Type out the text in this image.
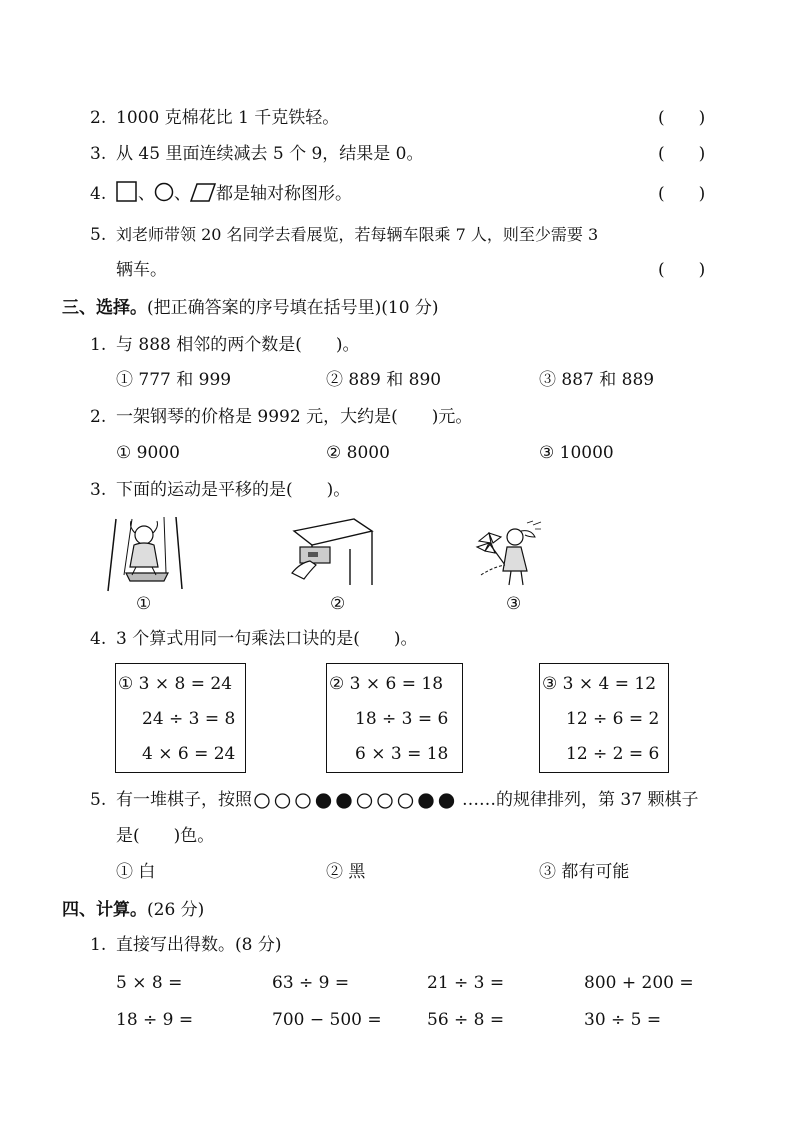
2. 1000 克棉花比 1 千克铁轻。	(　　)
3. 从 45 里面连续减去 5 个 9，结果是 0。	(　　)
4. 、 、 都是轴对称图形。	(　　)
5. 刘老师带领 20 名同学去看展览，若每辆车限乘 7 人，则至少需要 3
辆车。	(　　)
三、选择。(把正确答案的序号填在括号里)(10 分)
1. 与 888 相邻的两个数是(　　)。
① 777 和 999	② 889 和 890	③ 887 和 889
2. 一架钢琴的价格是 9992 元，大约是(　　)元。
① 9000	② 8000	③ 10000
3. 下面的运动是平移的是(　　)。
①	②	③
4. 3 个算式用同一句乘法口诀的是(　　)。
① 3 × 8 = 24
24 ÷ 3 = 8
4 × 6 = 24
② 3 × 6 = 18
18 ÷ 3 = 6
6 × 3 = 18
③ 3 × 4 = 12
12 ÷ 6 = 2
12 ÷ 2 = 6
5. 有一堆棋子，按照	……的规律排列，第 37 颗棋子
是(　　)色。
① 白	② 黑	③ 都有可能
四、计算。(26 分)
1. 直接写出得数。(8 分)
5 × 8 =	63 ÷ 9 =	21 ÷ 3 =	800 + 200 =
18 ÷ 9 =	700 − 500 =	56 ÷ 8 =	30 ÷ 5 =
